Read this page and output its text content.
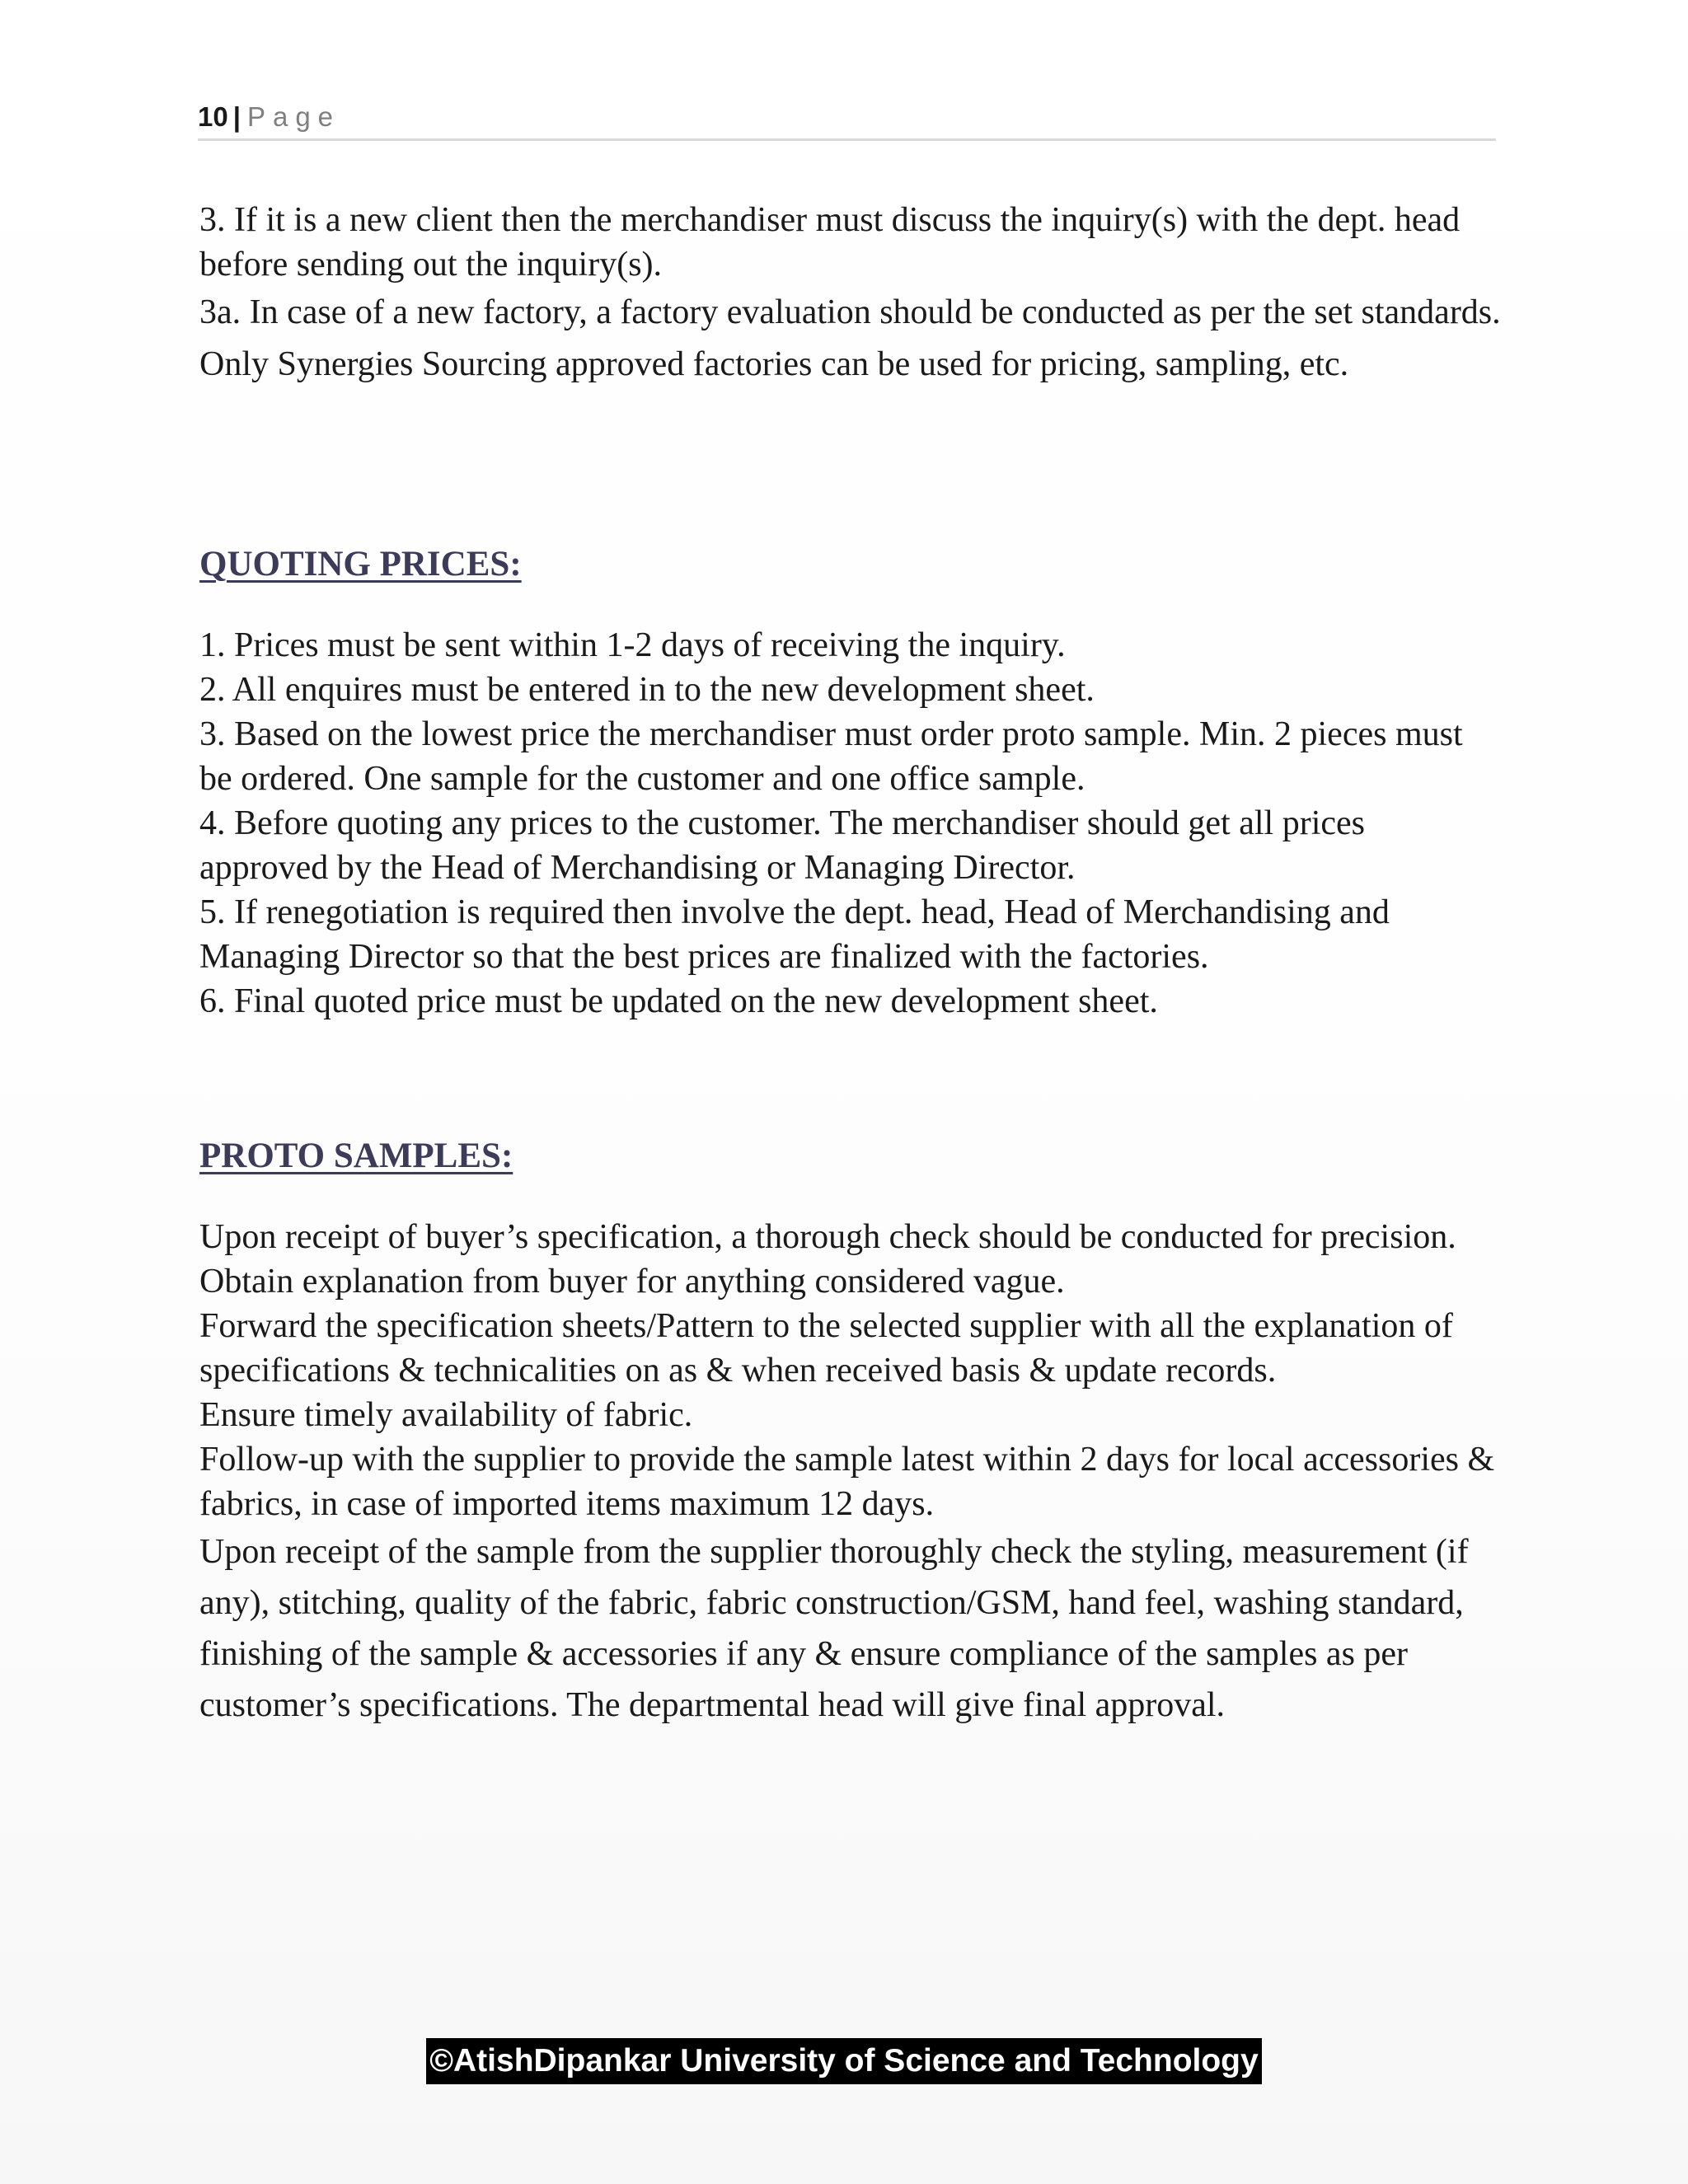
10 | Page

3. If it is a new client then the merchandiser must discuss the inquiry(s) with the dept. head before sending out the inquiry(s).

3a. In case of a new factory, a factory evaluation should be conducted as per the set standards. Only Synergies Sourcing approved factories can be used for pricing, sampling, etc.

QUOTING PRICES:

1. Prices must be sent within 1-2 days of receiving the inquiry.

2. All enquires must be entered in to the new development sheet.

3. Based on the lowest price the merchandiser must order proto sample. Min. 2 pieces must be ordered. One sample for the customer and one office sample.

4. Before quoting any prices to the customer. The merchandiser should get all prices approved by the Head of Merchandising or Managing Director.

5. If renegotiation is required then involve the dept. head, Head of Merchandising and Managing Director so that the best prices are finalized with the factories.

6. Final quoted price must be updated on the new development sheet.

PROTO SAMPLES:

Upon receipt of buyer’s specification, a thorough check should be conducted for precision. Obtain explanation from buyer for anything considered vague.

Forward the specification sheets/Pattern to the selected supplier with all the explanation of specifications & technicalities on as & when received basis & update records.

Ensure timely availability of fabric.

Follow-up with the supplier to provide the sample latest within 2 days for local accessories & fabrics, in case of imported items maximum 12 days.

Upon receipt of the sample from the supplier thoroughly check the styling, measurement (if any), stitching, quality of the fabric, fabric construction/GSM, hand feel, washing standard, finishing of the sample & accessories if any & ensure compliance of the samples as per customer’s specifications. The departmental head will give final approval.

©AtishDipankar University of Science and Technology
